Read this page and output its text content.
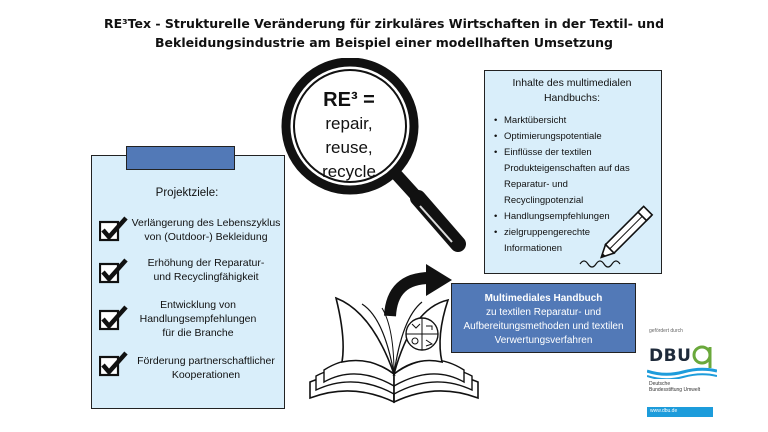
RE³Tex - Strukturelle Veränderung für zirkuläres Wirtschaften in der Textil- und
Bekleidungsindustrie am Beispiel einer modellhaften Umsetzung
Projektziele:
Verlängerung des Lebenszyklus
von (Outdoor-) Bekleidung
Erhöhung der Reparatur-
und Recyclingfähigkeit
Entwicklung von
Handlungsempfehlungen
für die Branche
Förderung partnerschaftlicher
Kooperationen
RE³ =
repair,
reuse,
recycle
Inhalte des multimedialen
Handbuchs:
• Marktübersicht
• Optimierungspotentiale
• Einflüsse der textilen Produkteigenschaften auf das Reparatur- und Recyclingpotenzial
• Handlungsempfehlungen
• zielgruppengerechte Informationen
Multimediales Handbuch
zu textilen Reparatur- und Aufbereitungsmethoden und textilen Verwertungsverfahren
gefördert durch
DBU
Deutsche
Bundesstiftung Umwelt
www.dbu.de
